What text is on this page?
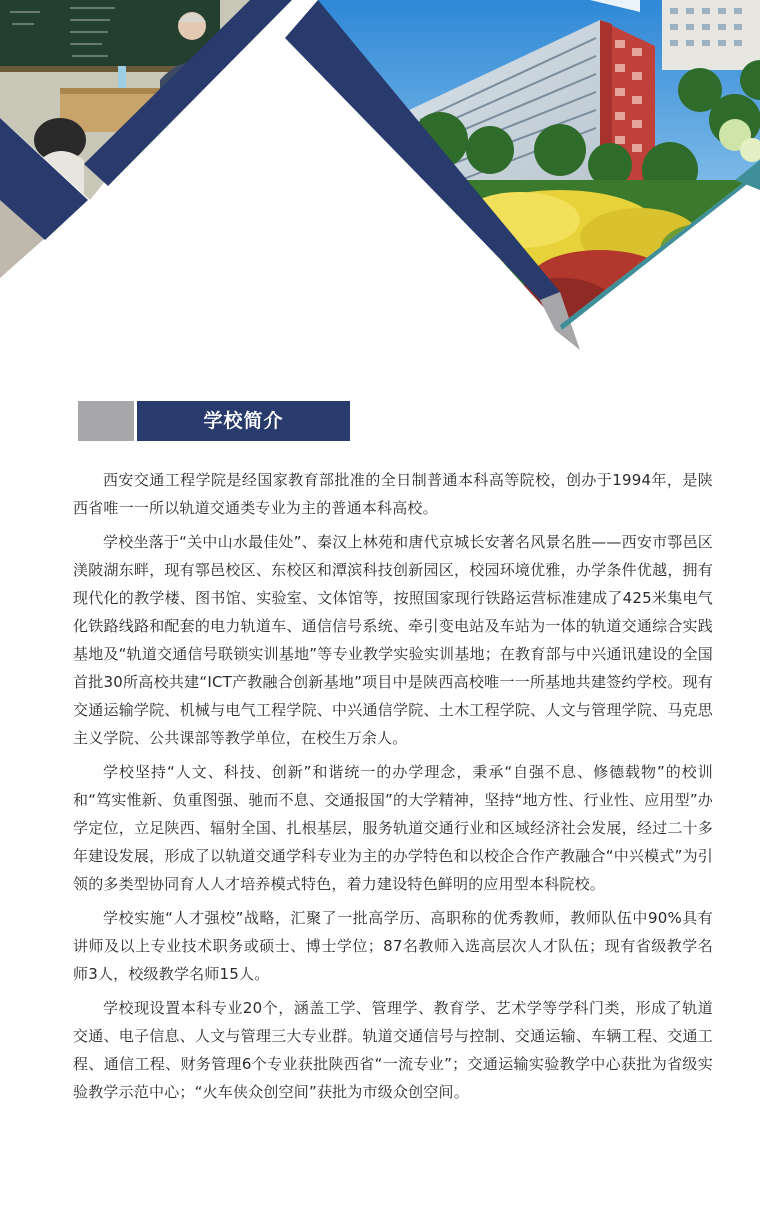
学校简介

西安交通工程学院是经国家教育部批准的全日制普通本科高等院校，创办于1994年，是陕西省唯一一所以轨道交通类专业为主的普通本科高校。

学校坐落于“关中山水最佳处”、秦汉上林苑和唐代京城长安著名风景名胜——西安市鄠邑区渼陂湖东畔，现有鄠邑校区、东校区和潭滨科技创新园区，校园环境优雅，办学条件优越，拥有现代化的教学楼、图书馆、实验室、文体馆等，按照国家现行铁路运营标准建成了425米集电气化铁路线路和配套的电力轨道车、通信信号系统、牵引变电站及车站为一体的轨道交通综合实践基地及“轨道交通信号联锁实训基地”等专业教学实验实训基地；在教育部与中兴通讯建设的全国首批30所高校共建“ICT产教融合创新基地”项目中是陕西高校唯一一所基地共建签约学校。现有交通运输学院、机械与电气工程学院、中兴通信学院、土木工程学院、人文与管理学院、马克思主义学院、公共课部等教学单位，在校生万余人。

学校坚持“人文、科技、创新”和谐统一的办学理念，秉承“自强不息、修德载物”的校训和“笃实惟新、负重图强、驰而不息、交通报国”的大学精神，坚持“地方性、行业性、应用型”办学定位，立足陕西、辐射全国、扎根基层，服务轨道交通行业和区域经济社会发展，经过二十多年建设发展，形成了以轨道交通学科专业为主的办学特色和以校企合作产教融合“中兴模式”为引领的多类型协同育人人才培养模式特色，着力建设特色鲜明的应用型本科院校。

学校实施“人才强校”战略，汇聚了一批高学历、高职称的优秀教师，教师队伍中90%具有讲师及以上专业技术职务或硕士、博士学位；87名教师入选高层次人才队伍；现有省级教学名师3人，校级教学名师15人。

学校现设置本科专业20个，涵盖工学、管理学、教育学、艺术学等学科门类，形成了轨道交通、电子信息、人文与管理三大专业群。轨道交通信号与控制、交通运输、车辆工程、交通工程、通信工程、财务管理6个专业获批陕西省“一流专业”；交通运输实验教学中心获批为省级实验教学示范中心；“火车侠众创空间”获批为市级众创空间。
